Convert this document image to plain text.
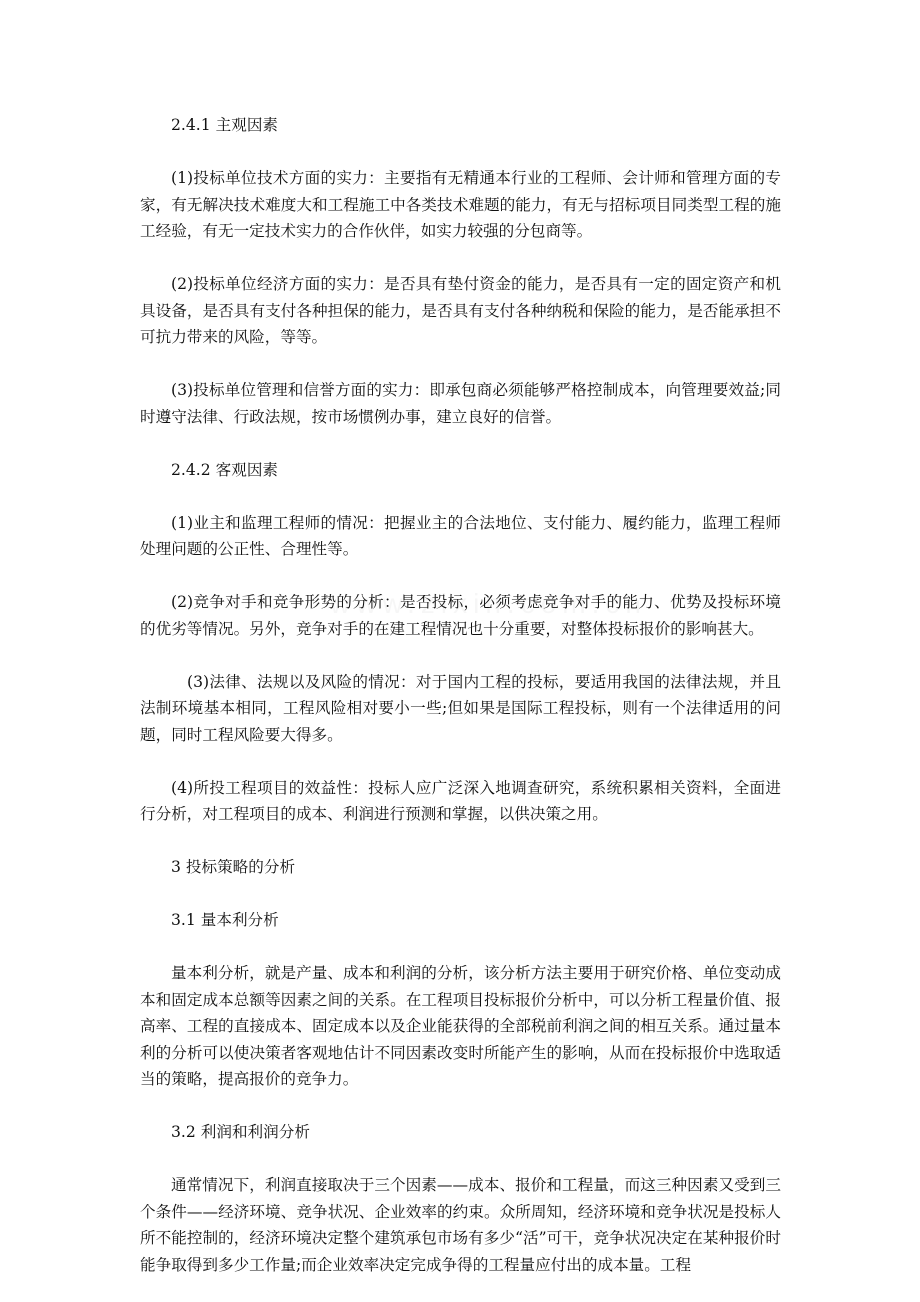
2.4.1 主观因素

(1)投标单位技术方面的实力：主要指有无精通本行业的工程师、会计师和管理方面的专家，有无解决技术难度大和工程施工中各类技术难题的能力，有无与招标项目同类型工程的施工经验，有无一定技术实力的合作伙伴，如实力较强的分包商等。

(2)投标单位经济方面的实力：是否具有垫付资金的能力，是否具有一定的固定资产和机具设备，是否具有支付各种担保的能力，是否具有支付各种纳税和保险的能力，是否能承担不可抗力带来的风险，等等。

(3)投标单位管理和信誉方面的实力：即承包商必须能够严格控制成本，向管理要效益;同时遵守法律、行政法规，按市场惯例办事，建立良好的信誉。

2.4.2 客观因素

(1)业主和监理工程师的情况：把握业主的合法地位、支付能力、履约能力，监理工程师处理问题的公正性、合理性等。

(2)竞争对手和竞争形势的分析：是否投标，必须考虑竞争对手的能力、优势及投标环境的优劣等情况。另外，竞争对手的在建工程情况也十分重要，对整体投标报价的影响甚大。

(3)法律、法规以及风险的情况：对于国内工程的投标，要适用我国的法律法规，并且法制环境基本相同，工程风险相对要小一些;但如果是国际工程投标，则有一个法律适用的问题，同时工程风险要大得多。

(4)所投工程项目的效益性：投标人应广泛深入地调查研究，系统积累相关资料，全面进行分析，对工程项目的成本、利润进行预测和掌握，以供决策之用。

3 投标策略的分析

3.1 量本利分析

量本利分析，就是产量、成本和利润的分析，该分析方法主要用于研究价格、单位变动成本和固定成本总额等因素之间的关系。在工程项目投标报价分析中，可以分析工程量价值、报高率、工程的直接成本、固定成本以及企业能获得的全部税前利润之间的相互关系。通过量本利的分析可以使决策者客观地估计不同因素改变时所能产生的影响，从而在投标报价中选取适当的策略，提高报价的竞争力。

3.2 利润和利润分析

通常情况下，利润直接取决于三个因素——成本、报价和工程量，而这三种因素又受到三个条件——经济环境、竞争状况、企业效率的约束。众所周知，经济环境和竞争状况是投标人所不能控制的，经济环境决定整个建筑承包市场有多少“活”可干，竞争状况决定在某种报价时能争取得到多少工作量;而企业效率决定完成争得的工程量应付出的成本量。工程
